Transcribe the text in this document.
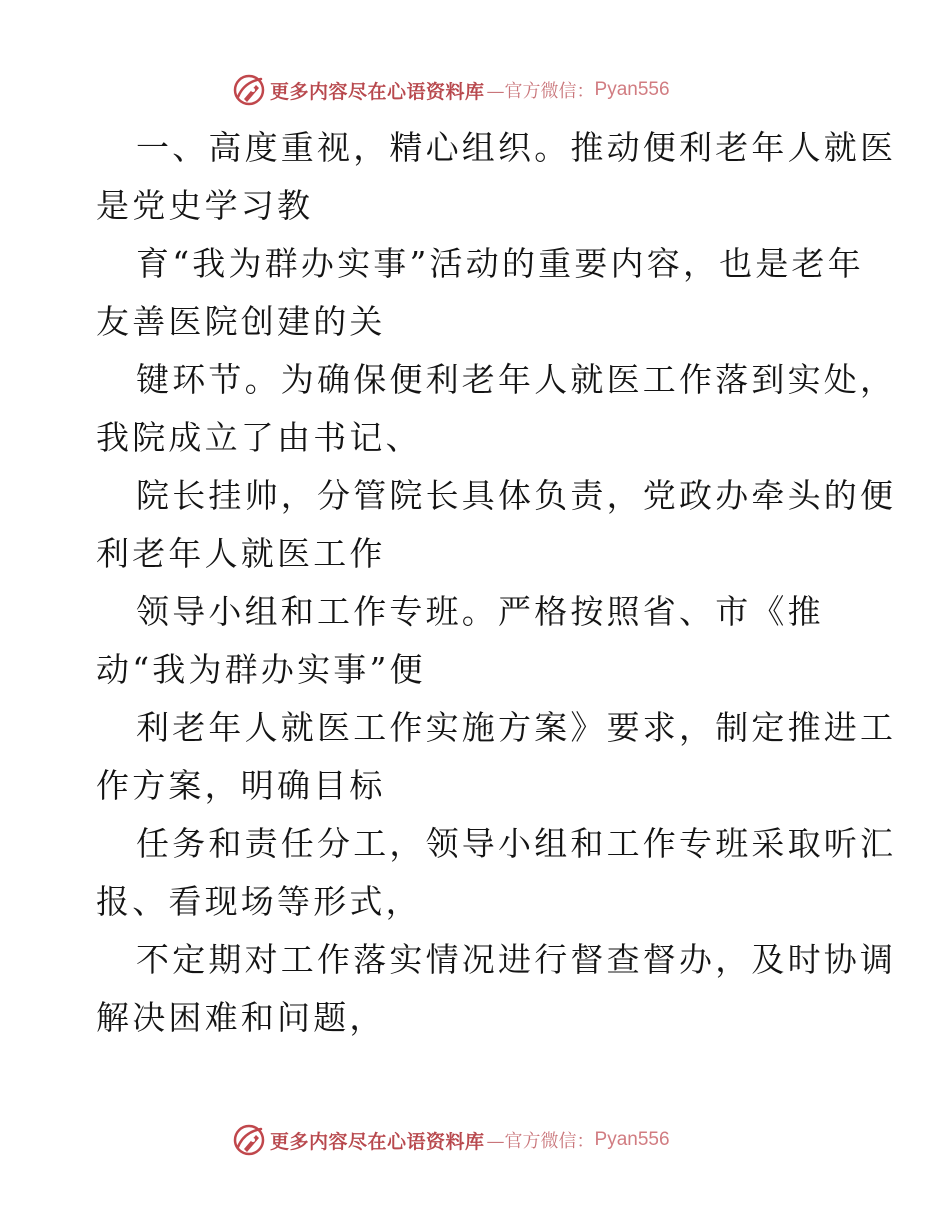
更多内容尽在心语资料库 —官方微信： Pyan556
一、高度重视，精心组织。推动便利老年人就医
是党史学习教
育“我为群办实事”活动的重要内容，也是老年
友善医院创建的关
键环节。为确保便利老年人就医工作落到实处，
我院成立了由书记、
院长挂帅，分管院长具体负责，党政办牵头的便
利老年人就医工作
领导小组和工作专班。严格按照省、市《推
动“我为群办实事”便
利老年人就医工作实施方案》要求，制定推进工
作方案，明确目标
任务和责任分工，领导小组和工作专班采取听汇
报、看现场等形式，
不定期对工作落实情况进行督查督办，及时协调
解决困难和问题，
更多内容尽在心语资料库 —官方微信： Pyan556
